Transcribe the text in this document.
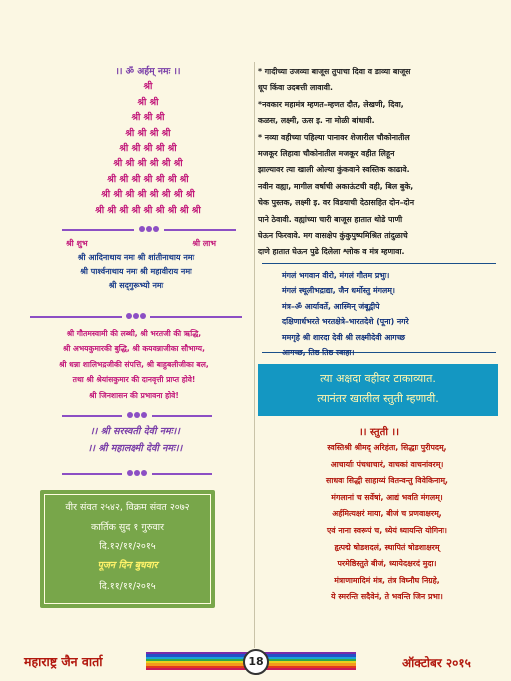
।। ॐ अर्हम् नमः ।।
श्री
श्री श्री
श्री श्री श्री
श्री श्री श्री श्री
श्री श्री श्री श्री श्री
श्री श्री श्री श्री श्री श्री
श्री श्री श्री श्री श्री श्री श्री
श्री श्री श्री श्री श्री श्री श्री श्री
श्री श्री श्री श्री श्री श्री श्री श्री श्री
श्री शुभ	श्री लाभ
श्री आदिनाथाय नमः श्री शांतीनाथाय नमः
श्री पार्श्वनाथाय नमः श्री महावीराय नमः
श्री सद्‍गुरूभ्यो नमः
श्री गौतमस्वामी की लब्धी, श्री भरतजी की ऋद्धि,
श्री अभयकुमारकी बुद्धि, श्री कयवन्नाजीका सौभाग्य,
श्री धन्ना शालिभद्रजीकी संपत्ति, श्री बाहुबलीजीका बल,
तथा श्री श्रेयांसकुमार की दानवृत्ती प्राप्त होवे!
श्री जिनशासन की प्रभावना होवे!
।। श्री सरस्वती देवी नमः।।
।। श्री महालक्ष्मी देवी नमः।।
वीर संवत २५४२, विक्रम संवत २०७२
कार्तिक सुद १ गुरुवार
दि.१२/११/२०१५
पूजन दिन बुधवार
दि.११/११/२०१५

* गादीच्या उजव्या बाजूस तुपाचा दिवा व डाव्या बाजूस

धूप किंवा उदबत्ती लावावी.

*नवकार महामंत्र म्हणत–म्हणत दौत, लेखणी, दिवा,

कळस, लक्ष्मी, ऊस इ. ना मोळी बांधावी.

* नव्या वहीच्या पहिल्या पानावर शेजारील चौकोनातील

मजकूर लिहावा चौकोनातील मजकूर वहीत लिहून

झाल्यावर त्या खाली ओल्या कुंकवाने स्वस्तिक काढावे.

नवीन वह्या, मागील वर्षाची अकाऊंटची वही, बिल बुके,

चेक पुस्तक, लक्ष्मी इ. वर विडयाची देठासहित दोन–दोन

पाने ठेवावी. वह्यांच्या चारी बाजूस हातात थोडे पाणी

घेऊन फिरवावे. मग वासक्षेप कुंकुपुष्पमिश्रित तांदुळाचे

दाणे हातात घेऊन पुढे दिलेला श्लोक व मंत्र म्हणावा.

मंगलं भगवान वीरो, मंगलं गौतम प्रभुः।
मंगलं स्थूलीभद्राद्या, जैन धर्मोस्तु मंगलम्।
मंत्र–ॐ आर्यावर्ते, आस्मिन् जंबूद्वीपे
दक्षिणार्धभरते भरतक्षेत्रे–भारतदेशे (पूना) नगरे
ममगृहे श्री शारदा देवी श्री लक्ष्मीदेवी आगच्छ
आगच्छ, तिष्ठ तिष्ठ स्वाहा।
त्या अक्षदा वहीवर टाकाव्यात.
त्यानंतर खालील स्तुती म्हणावी.
।। स्तुती ।।
स्वस्तिश्री श्रीमद् अरिहंता, सिद्धाः पुरीपदम्,
आचार्याः पंचधाचारं, वाचकां वाचनांवरम्।
साधवः सिद्धी साहाय्यं वितन्वन्तु विवेकिनाम्,
मंगलानां च सर्वेषां, आद्यं भवति मंगलम्।
अर्हमित्यक्षरं माया, बीजं च प्रणवाक्षरम्,
एवं नाना स्वरूपं च, ध्येयं ध्यायन्ति योगिनः।
हृत्पद्मे षोडशदलं, स्थापितं षोडशाक्षरम्
परमेष्ठिस्तुते बीजं, ध्यायेदक्षरदं मुदा।
मंत्राणामादिमं मंत्र, तंत्र विघ्नौघ निग्रहे,
ये स्मरन्ति सदैवेनं, ते भवन्ति जिन प्रभा।
महाराष्ट्र जैन वार्ता	18	ऑक्टोबर २०१५
